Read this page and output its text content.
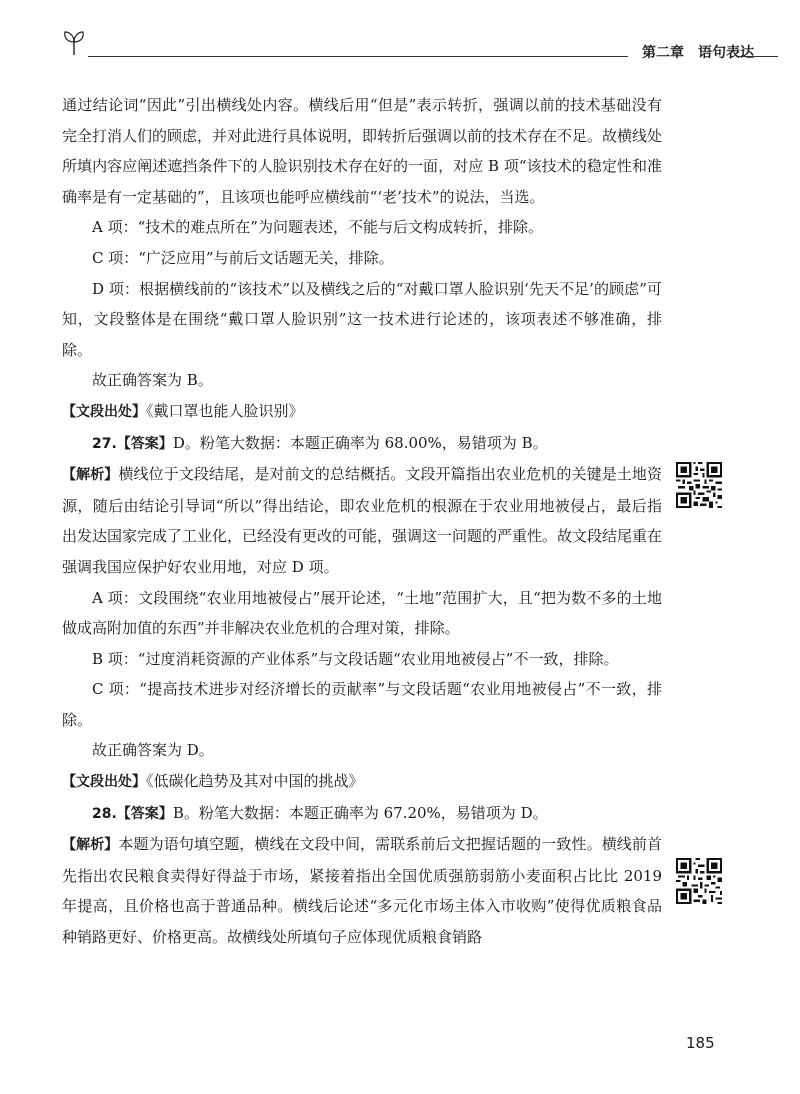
第二章　语句表达

通过结论词“因此”引出横线处内容。横线后用“但是”表示转折，强调以前的技术基础没有完全打消人们的顾虑，并对此进行具体说明，即转折后强调以前的技术存在不足。故横线处所填内容应阐述遮挡条件下的人脸识别技术存在好的一面，对应 B 项“该技术的稳定性和准确率是有一定基础的”，且该项也能呼应横线前“‘老’技术”的说法，当选。

A 项：“技术的难点所在”为问题表述，不能与后文构成转折，排除。

C 项：“广泛应用”与前后文话题无关，排除。

D 项：根据横线前的“该技术”以及横线之后的“对戴口罩人脸识别‘先天不足’的顾虑”可知，文段整体是在围绕“戴口罩人脸识别”这一技术进行论述的，该项表述不够准确，排除。

故正确答案为 B。

【文段出处】《戴口罩也能人脸识别》

27.【答案】D。粉笔大数据：本题正确率为 68.00%，易错项为 B。

【解析】横线位于文段结尾，是对前文的总结概括。文段开篇指出农业危机的关键是土地资源，随后由结论引导词“所以”得出结论，即农业危机的根源在于农业用地被侵占，最后指出发达国家完成了工业化，已经没有更改的可能，强调这一问题的严重性。故文段结尾重在强调我国应保护好农业用地，对应 D 项。

A 项：文段围绕“农业用地被侵占”展开论述，“土地”范围扩大，且“把为数不多的土地做成高附加值的东西”并非解决农业危机的合理对策，排除。

B 项：“过度消耗资源的产业体系”与文段话题“农业用地被侵占”不一致，排除。

C 项：“提高技术进步对经济增长的贡献率”与文段话题“农业用地被侵占”不一致，排除。

故正确答案为 D。

【文段出处】《低碳化趋势及其对中国的挑战》

28.【答案】B。粉笔大数据：本题正确率为 67.20%，易错项为 D。

【解析】本题为语句填空题，横线在文段中间，需联系前后文把握话题的一致性。横线前首先指出农民粮食卖得好得益于市场，紧接着指出全国优质强筋弱筋小麦面积占比比 2019 年提高，且价格也高于普通品种。横线后论述“多元化市场主体入市收购”使得优质粮食品种销路更好、价格更高。故横线处所填句子应体现优质粮食销路

185
